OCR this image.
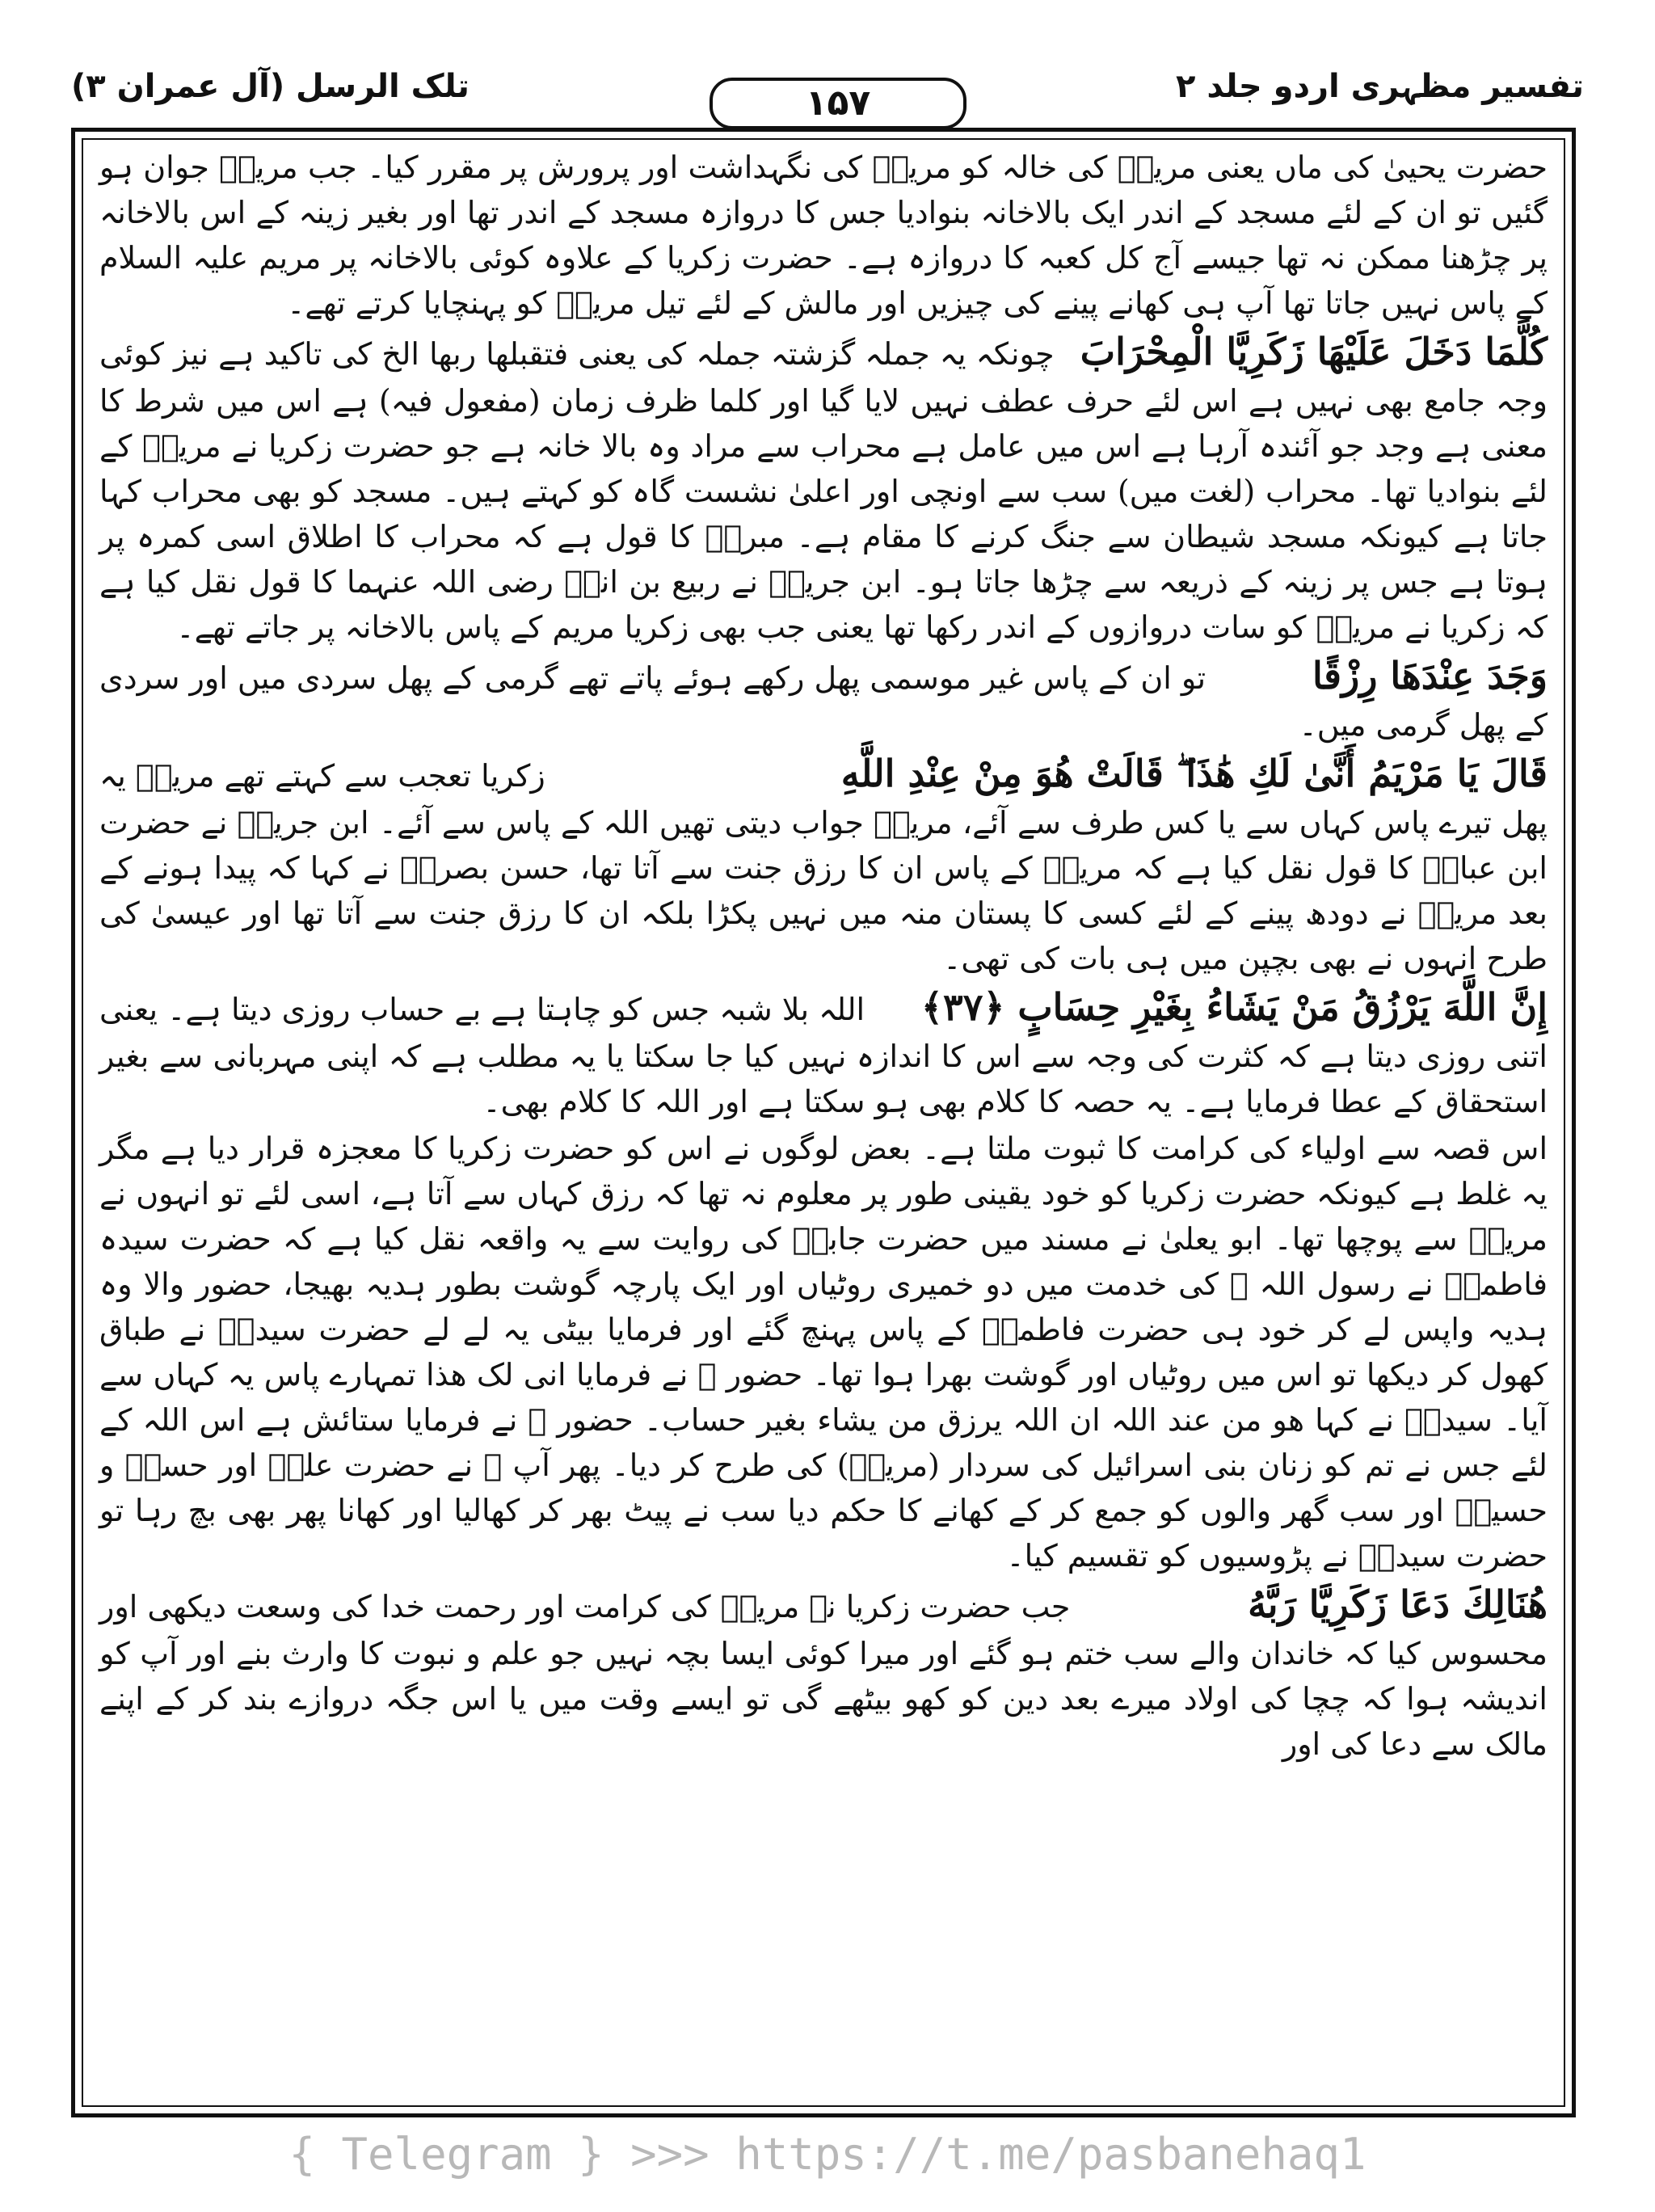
تفسیر مظہری اردو جلد ۲
۱۵۷
تلک الرسل (آل عمران ۳)
حضرت یحییٰ کی ماں یعنی مریمؑ کی خالہ کو مریمؑ کی نگہداشت اور پرورش پر مقرر کیا۔ جب مریمؑ جوان ہو گئیں تو ان کے لئے مسجد کے اندر ایک بالاخانہ بنوادیا جس کا دروازہ مسجد کے اندر تھا اور بغیر زینہ کے اس بالاخانہ پر چڑھنا ممکن نہ تھا جیسے آج کل کعبہ کا دروازہ ہے۔ حضرت زکریا کے علاوہ کوئی بالاخانہ پر مریم علیہ السلام کے پاس نہیں جاتا تھا آپ ہی کھانے پینے کی چیزیں اور مالش کے لئے تیل مریمؑ کو پہنچایا کرتے تھے۔
كُلَّمَا دَخَلَ عَلَيْهَا زَكَرِيَّا الْمِحْرَابَ
چونکہ یہ جملہ گزشتہ جملہ کی یعنی فتقبلها ربها الخ کی تاکید ہے نیز کوئی
وجہ جامع بھی نہیں ہے اس لئے حرف عطف نہیں لایا گیا اور کلما ظرف زمان (مفعول فیہ) ہے اس میں شرط کا معنی ہے وجد جو آئندہ آرہا ہے اس میں عامل ہے محراب سے مراد وہ بالا خانہ ہے جو حضرت زکریا نے مریمؑ کے لئے بنوادیا تھا۔ محراب (لغت میں) سب سے اونچی اور اعلیٰ نشست گاہ کو کہتے ہیں۔ مسجد کو بھی محراب کہا جاتا ہے کیونکہ مسجد شیطان سے جنگ کرنے کا مقام ہے۔ مبردؒ کا قول ہے کہ محراب کا اطلاق اسی کمرہ پر ہوتا ہے جس پر زینہ کے ذریعہ سے چڑھا جاتا ہو۔ ابن جریرؒ نے ربیع بن انسؓ رضی اللہ عنہما کا قول نقل کیا ہے کہ زکریا نے مریمؑ کو سات دروازوں کے اندر رکھا تھا یعنی جب بھی زکریا مریم کے پاس بالاخانہ پر جاتے تھے۔
وَجَدَ عِنْدَهَا رِزْقًا
تو ان کے پاس غیر موسمی پھل رکھے ہوئے پاتے تھے گرمی کے پھل سردی میں اور سردی
کے پھل گرمی میں۔
قَالَ يَا مَرْيَمُ أَنَّىٰ لَكِ هَٰذَا ۖ قَالَتْ هُوَ مِنْ عِنْدِ اللَّهِ
زکریا تعجب سے کہتے تھے مریمؑ یہ
پھل تیرے پاس کہاں سے یا کس طرف سے آئے، مریمؑ جواب دیتی تھیں اللہ کے پاس سے آئے۔ ابن جریرؒ نے حضرت ابن عباسؓ کا قول نقل کیا ہے کہ مریمؑ کے پاس ان کا رزق جنت سے آتا تھا، حسن بصریؒ نے کہا کہ پیدا ہونے کے بعد مریمؑ نے دودھ پینے کے لئے کسی کا پستان منہ میں نہیں پکڑا بلکہ ان کا رزق جنت سے آتا تھا اور عیسیٰ کی طرح انہوں نے بھی بچپن میں ہی بات کی تھی۔
إِنَّ اللَّهَ يَرْزُقُ مَنْ يَشَاءُ بِغَيْرِ حِسَابٍ ﴿۳۷﴾
اللہ بلا شبہ جس کو چاہتا ہے بے حساب روزی دیتا ہے۔ یعنی
اتنی روزی دیتا ہے کہ کثرت کی وجہ سے اس کا اندازہ نہیں کیا جا سکتا یا یہ مطلب ہے کہ اپنی مہربانی سے بغیر استحقاق کے عطا فرمایا ہے۔ یہ حصہ کا کلام بھی ہو سکتا ہے اور اللہ کا کلام بھی۔
اس قصہ سے اولیاء کی کرامت کا ثبوت ملتا ہے۔ بعض لوگوں نے اس کو حضرت زکریا کا معجزہ قرار دیا ہے مگر یہ غلط ہے کیونکہ حضرت زکریا کو خود یقینی طور پر معلوم نہ تھا کہ رزق کہاں سے آتا ہے، اسی لئے تو انہوں نے مریمؑ سے پوچھا تھا۔ ابو یعلیٰ نے مسند میں حضرت جابرؓ کی روایت سے یہ واقعہ نقل کیا ہے کہ حضرت سیدہ فاطمہؓ نے رسول اللہ ﷺ کی خدمت میں دو خمیری روٹیاں اور ایک پارچہ گوشت بطور ہدیہ بھیجا، حضور والا وہ ہدیہ واپس لے کر خود ہی حضرت فاطمہؓ کے پاس پہنچ گئے اور فرمایا بیٹی یہ لے لے حضرت سیدہؓ نے طباق کھول کر دیکھا تو اس میں روٹیاں اور گوشت بھرا ہوا تھا۔ حضور ﷺ نے فرمایا انی لک ھذا تمہارے پاس یہ کہاں سے آیا۔ سیدہؓ نے کہا ھو من عند اللہ ان اللہ یرزق من یشاء بغیر حساب۔ حضور ﷺ نے فرمایا ستائش ہے اس اللہ کے لئے جس نے تم کو زنان بنی اسرائیل کی سردار (مریمؑ) کی طرح کر دیا۔ پھر آپ ﷺ نے حضرت علیؓ اور حسنؓ و حسینؓ اور سب گھر والوں کو جمع کر کے کھانے کا حکم دیا سب نے پیٹ بھر کر کھالیا اور کھانا پھر بھی بچ رہا تو حضرت سیدہؓ نے پڑوسیوں کو تقسیم کیا۔
هُنَالِكَ دَعَا زَكَرِيَّا رَبَّهُ
جب حضرت زکریا نے مریمؑ کی کرامت اور رحمت خدا کی وسعت دیکھی اور
محسوس کیا کہ خاندان والے سب ختم ہو گئے اور میرا کوئی ایسا بچہ نہیں جو علم و نبوت کا وارث بنے اور آپ کو اندیشہ ہوا کہ چچا کی اولاد میرے بعد دین کو کھو بیٹھے گی تو ایسے وقت میں یا اس جگہ دروازے بند کر کے اپنے مالک سے دعا کی اور
{ Telegram } >>> https://t.me/pasbanehaq1
